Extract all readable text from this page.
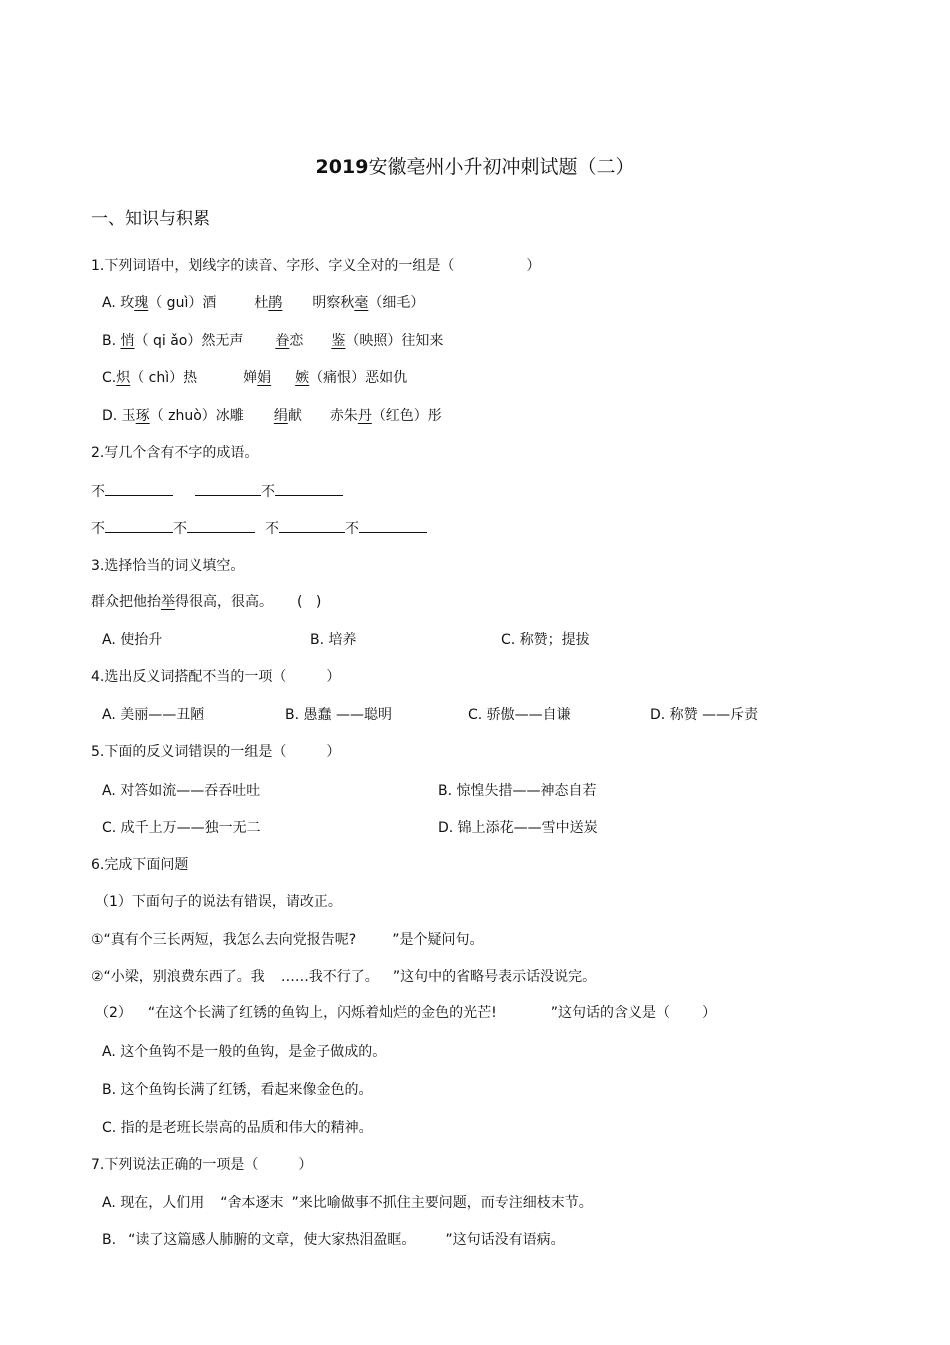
2019安徽亳州小升初冲刺试题（二）
一、知识与积累
1.下列词语中，划线字的读音、字形、字义全对的一组是（	）
A. 玫瑰（ guì）酒	杜鹃 明察秋毫（细毛）
B. 悄（ qi ǎo）然无声 眷恋 鉴（映照）往知来
C.炽（ chì）热	婵娟 嫉（痛恨）恶如仇
D. 玉琢（ zhuò）冰雕 绢献 赤朱丹（红色）彤
2.写几个含有不字的成语。
不	不
不	不	不	不
3.选择恰当的词义填空。
群众把他抬举得很高，很高。 (   )
A. 使抬升	B. 培养	C. 称赞；提拔
4.选出反义词搭配不当的一项（	）
A. 美丽——丑陋	B. 愚蠢 ——聪明	C. 骄傲——自谦	D. 称赞 ——斥责
5.下面的反义词错误的一组是（	）
A. 对答如流——吞吞吐吐	B. 惊惶失措——神态自若
C. 成千上万——独一无二	D. 锦上添花——雪中送炭
6.完成下面问题
（1）下面句子的说法有错误，请改正。
①“真有个三长两短，我怎么去向党报告呢?	”是个疑问句。
②“小梁，别浪费东西了。我 ……我不行了。 ”这句中的省略号表示话没说完。
（2） “在这个长满了红锈的鱼钩上，闪烁着灿烂的金色的光芒!	”这句话的含义是（ ）
A. 这个鱼钩不是一般的鱼钩，是金子做成的。
B. 这个鱼钩长满了红锈，看起来像金色的。
C. 指的是老班长崇高的品质和伟大的精神。
7.下列说法正确的一项是（	）
A. 现在，人们用 “舍本逐末 ”来比喻做事不抓住主要问题，而专注细枝末节。
B. “读了这篇感人肺腑的文章，使大家热泪盈眶。 ”这句话没有语病。
